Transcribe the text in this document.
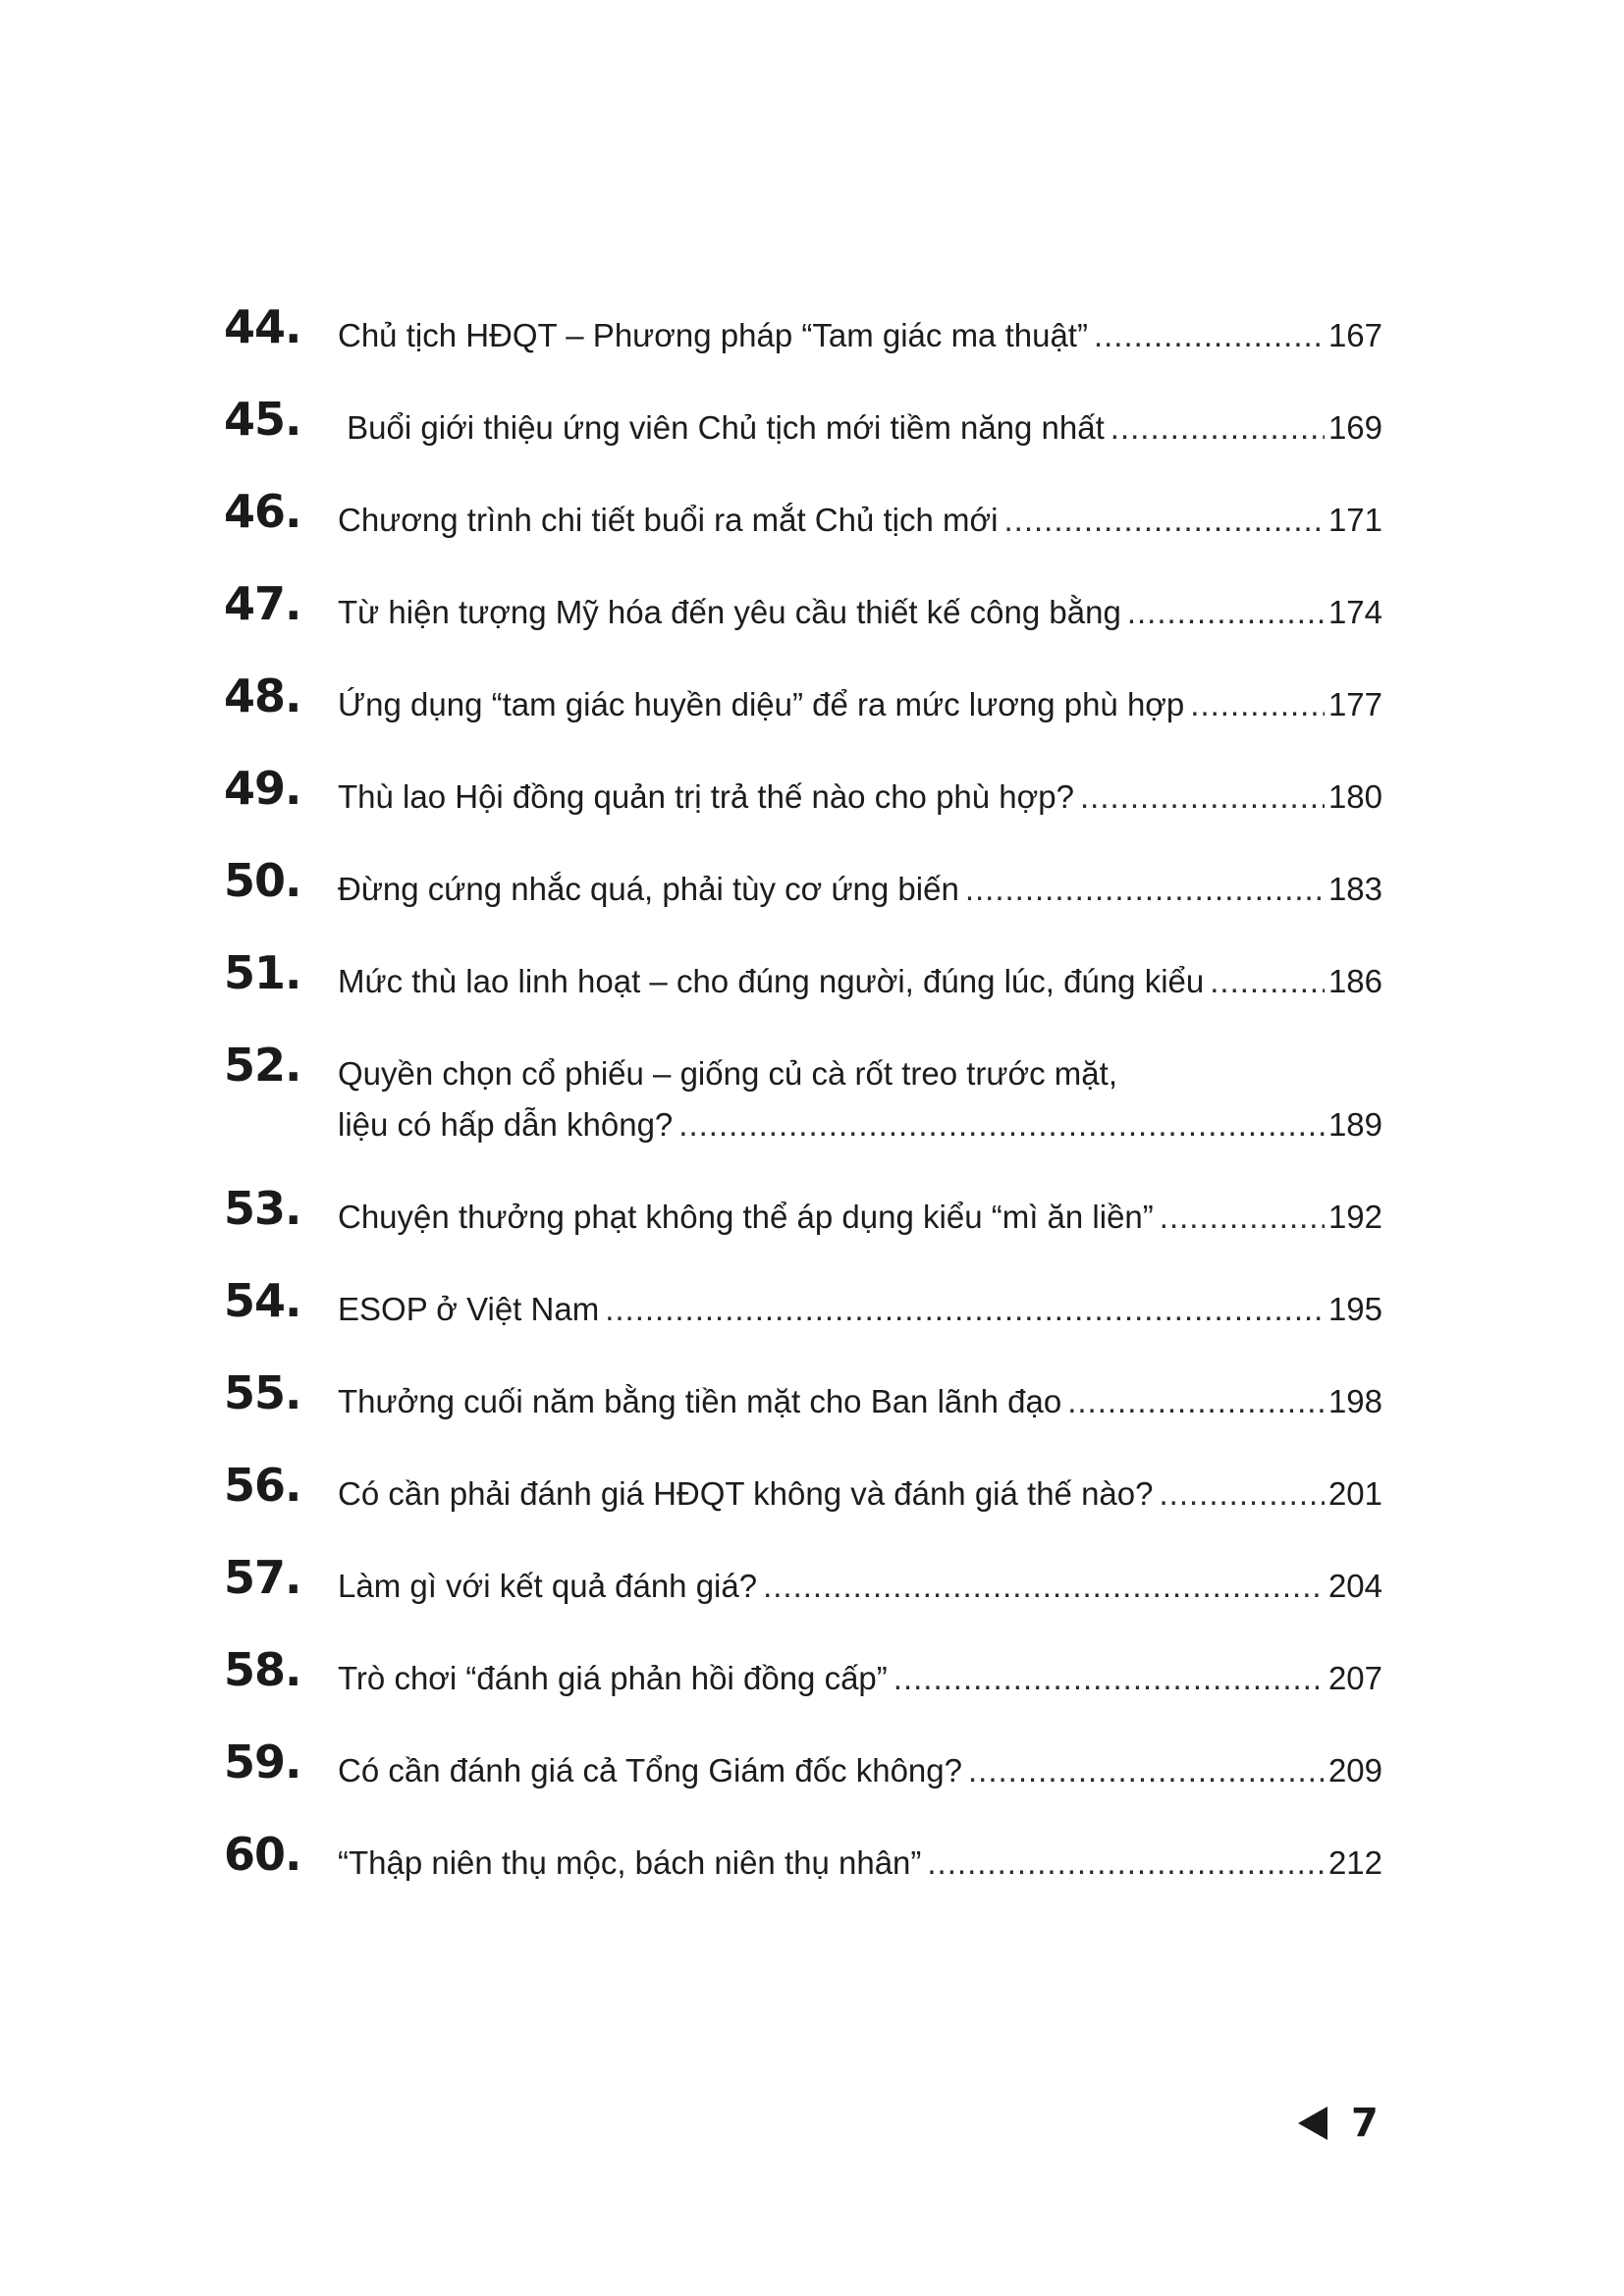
44. Chủ tịch HĐQT – Phương pháp “Tam giác ma thuật” .....	167
45. Buổi giới thiệu ứng viên Chủ tịch mới tiềm năng nhất .....	169
46. Chương trình chi tiết buổi ra mắt Chủ tịch mới .....	171
47. Từ hiện tượng Mỹ hóa đến yêu cầu thiết kế công bằng .....	174
48. Ứng dụng “tam giác huyền diệu” để ra mức lương phù hợp .....	177
49. Thù lao Hội đồng quản trị trả thế nào cho phù hợp? .....	180
50. Đừng cứng nhắc quá, phải tùy cơ ứng biến .....	183
51. Mức thù lao linh hoạt – cho đúng người, đúng lúc, đúng kiểu .....	186
52. Quyền chọn cổ phiếu – giống củ cà rốt treo trước mặt,
liệu có hấp dẫn không? .....	189
53. Chuyện thưởng phạt không thể áp dụng kiểu “mì ăn liền” .....	192
54. ESOP ở Việt Nam .....	195
55. Thưởng cuối năm bằng tiền mặt cho Ban lãnh đạo .....	198
56. Có cần phải đánh giá HĐQT không và đánh giá thế nào? .....	201
57. Làm gì với kết quả đánh giá? .....	204
58. Trò chơi “đánh giá phản hồi đồng cấp” .....	207
59. Có cần đánh giá cả Tổng Giám đốc không? .....	209
60. “Thập niên thụ mộc, bách niên thụ nhân” .....	212
7
